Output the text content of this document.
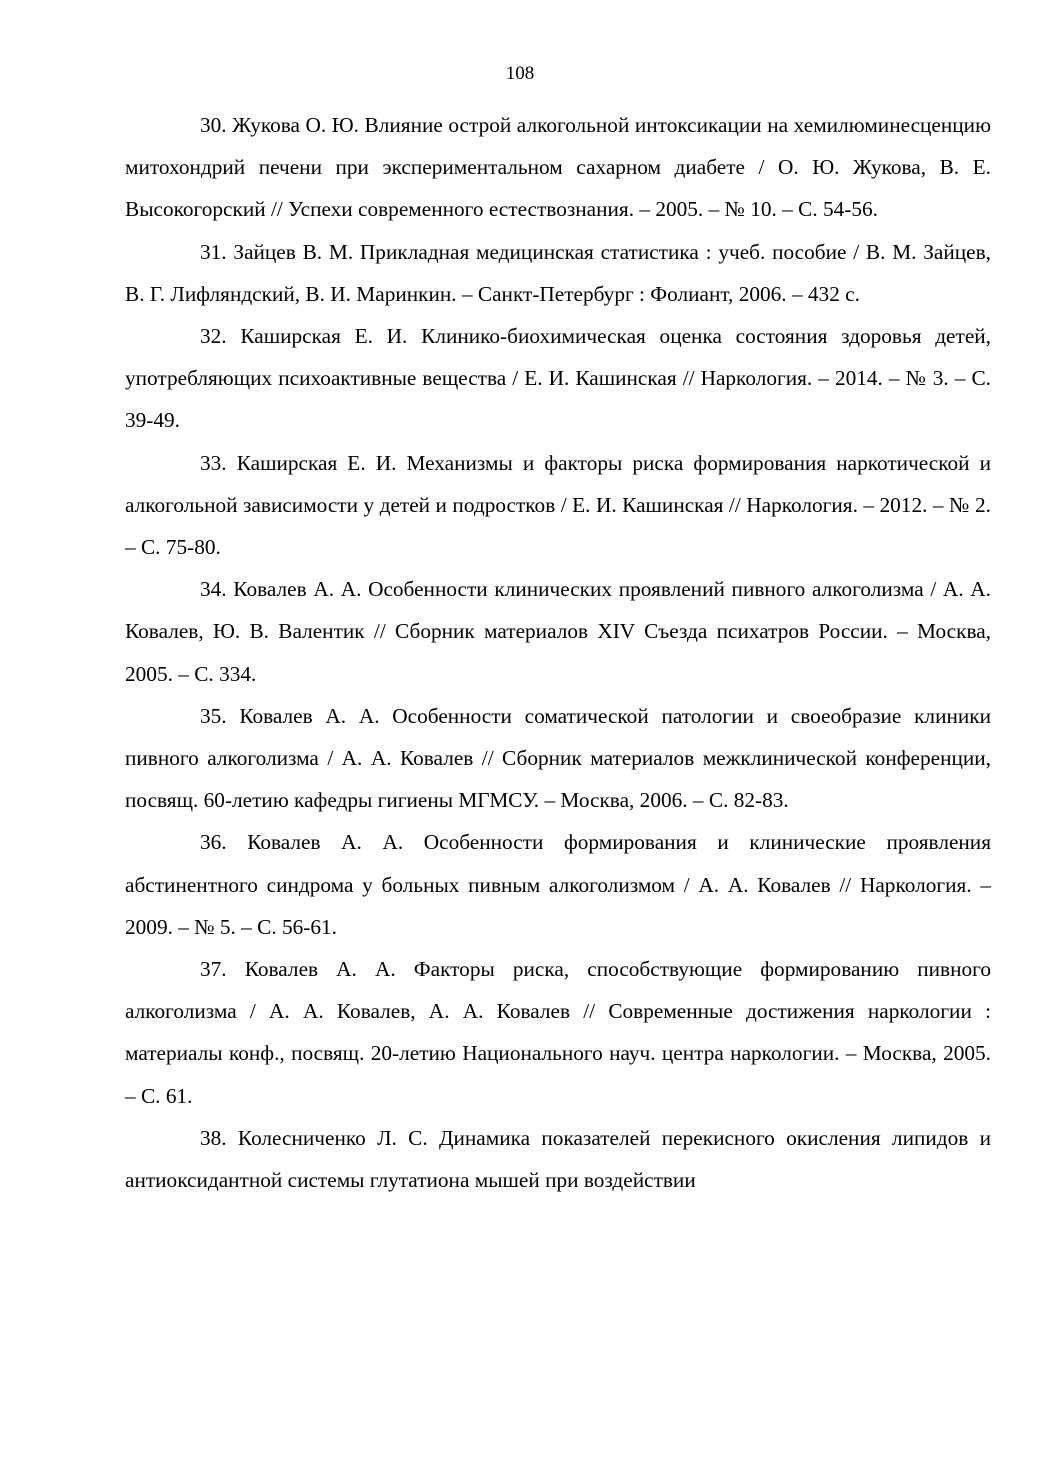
108

30. Жукова О. Ю. Влияние острой алкогольной интоксикации на хемилюминесценцию митохондрий печени при экспериментальном сахарном диабете / О. Ю. Жукова, В. Е. Высокогорский // Успехи современного естествознания. – 2005. – № 10. – С. 54-56.

31. Зайцев В. М. Прикладная медицинская статистика : учеб. пособие / В. М. Зайцев, В. Г. Лифляндский, В. И. Маринкин. – Санкт-Петербург : Фолиант, 2006. – 432 с.

32. Каширская Е. И. Клинико-биохимическая оценка состояния здоровья детей, употребляющих психоактивные вещества / Е. И. Кашинская // Наркология. – 2014. – № 3. – С. 39-49.

33. Каширская Е. И. Механизмы и факторы риска формирования наркотической и алкогольной зависимости у детей и подростков / Е. И. Кашинская // Наркология. – 2012. – № 2. – С. 75-80.

34. Ковалев А. А. Особенности клинических проявлений пивного алкоголизма / А. А. Ковалев, Ю. В. Валентик // Сборник материалов XIV Съезда психатров России. – Москва, 2005. – С. 334.

35. Ковалев А. А. Особенности соматической патологии и своеобразие клиники пивного алкоголизма / А. А. Ковалев // Сборник материалов межклинической конференции, посвящ. 60-летию кафедры гигиены МГМСУ. – Москва, 2006. – С. 82-83.

36. Ковалев А. А. Особенности формирования и клинические проявления абстинентного синдрома у больных пивным алкоголизмом / А. А. Ковалев // Наркология. – 2009. – № 5. – С. 56-61.

37. Ковалев А. А. Факторы риска, способствующие формированию пивного алкоголизма / А. А. Ковалев, А. А. Ковалев // Современные достижения наркологии : материалы конф., посвящ. 20-летию Национального науч. центра наркологии. – Москва, 2005. – С. 61.

38. Колесниченко Л. С. Динамика показателей перекисного окисления липидов и антиоксидантной системы глутатиона мышей при воздействии
